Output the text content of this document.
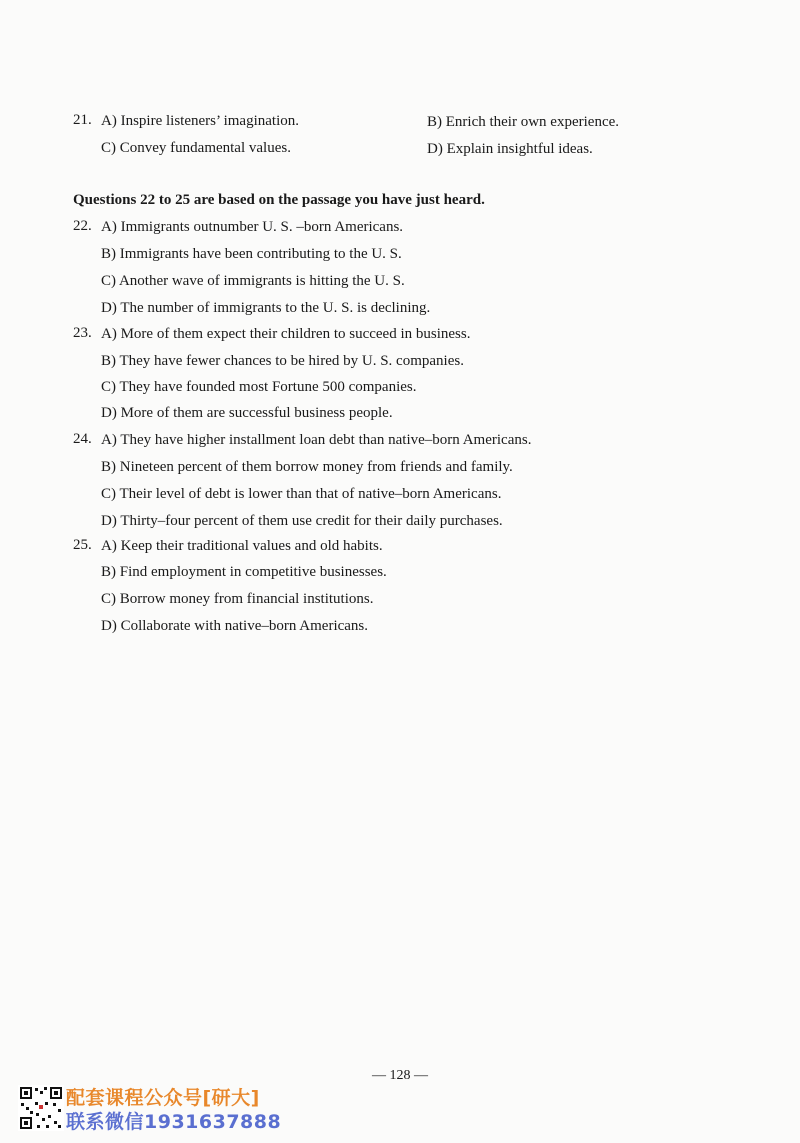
21. A) Inspire listeners’ imagination.	B) Enrich their own experience.
C) Convey fundamental values.	D) Explain insightful ideas.
Questions 22 to 25 are based on the passage you have just heard.
22. A) Immigrants outnumber U. S. –born Americans.
B) Immigrants have been contributing to the U. S.
C) Another wave of immigrants is hitting the U. S.
D) The number of immigrants to the U. S. is declining.
23. A) More of them expect their children to succeed in business.
B) They have fewer chances to be hired by U. S. companies.
C) They have founded most Fortune 500 companies.
D) More of them are successful business people.
24. A) They have higher installment loan debt than native–born Americans.
B) Nineteen percent of them borrow money from friends and family.
C) Their level of debt is lower than that of native–born Americans.
D) Thirty–four percent of them use credit for their daily purchases.
25. A) Keep their traditional values and old habits.
B) Find employment in competitive businesses.
C) Borrow money from financial institutions.
D) Collaborate with native–born Americans.
— 128 —
配套课程公众号[研大]
联系微信1931637888
